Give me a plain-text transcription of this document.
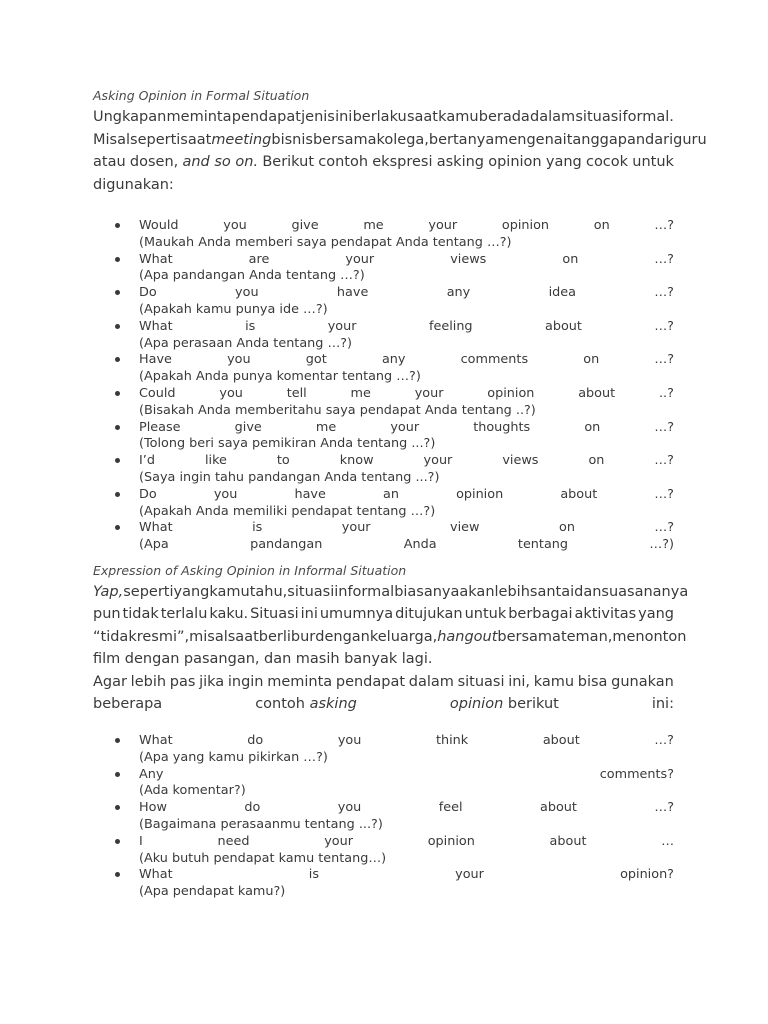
Asking Opinion in Formal Situation

Ungkapan meminta pendapat jenis ini berlaku saat kamu berada dalam situasi formal.
Misal seperti saat meeting bisnis bersama kolega, bertanya mengenai tanggapan dari guru
atau dosen, and so on. Berikut contoh ekspresi asking opinion yang cocok untuk
digunakan:
Would	you	give	me	your	opinion	on	…?
(Maukah Anda memberi saya pendapat Anda tentang …?)
What	are	your	views	on	…?
(Apa pandangan Anda tentang …?)
Do	you	have	any	idea	…?
(Apakah kamu punya ide …?)
What	is	your	feeling	about	…?
(Apa perasaan Anda tentang …?)
Have	you	got	any	comments	on	…?
(Apakah Anda punya komentar tentang …?)
Could	you	tell	me	your	opinion	about	..?
(Bisakah Anda memberitahu saya pendapat Anda tentang ..?)
Please	give	me	your	thoughts	on	…?
(Tolong beri saya pemikiran Anda tentang ...?)
I’d	like	to	know	your	views	on	…?
(Saya ingin tahu pandangan Anda tentang ...?)
Do	you	have	an	opinion	about	…?
(Apakah Anda memiliki pendapat tentang …?)
What	is	your	view	on	…?
(Apa	pandangan	Anda	tentang	…?)

Expression of Asking Opinion in Informal Situation

Yap, seperti yang kamu tahu, situasi informal biasanya akan lebih santai dan suasananya
pun tidak terlalu kaku. Situasi ini umumnya ditujukan untuk berbagai aktivitas yang
“tidak resmi”, misal saat berlibur dengan keluarga, hangout bersama teman, menonton
film dengan pasangan, dan masih banyak lagi.
Agar lebih pas jika ingin meminta pendapat dalam situasi ini, kamu bisa gunakan
beberapa	contoh asking	opinion berikut	ini:
What	do	you	think	about	…?
(Apa yang kamu pikirkan …?)
Any	comments?
(Ada komentar?)
How	do	you	feel	about	…?
(Bagaimana perasaanmu tentang ...?)
I	need	your	opinion	about	…
(Aku butuh pendapat kamu tentang…)
What	is	your	opinion?
(Apa pendapat kamu?)
